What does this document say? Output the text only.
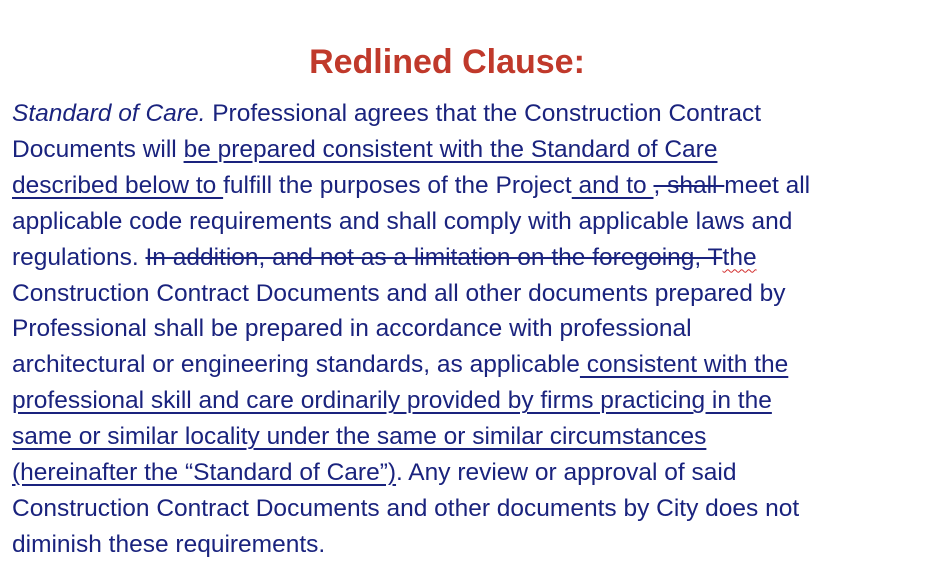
Redlined Clause:
Standard of Care. Professional agrees that the Construction Contract
Documents will be prepared consistent with the Standard of Care
described below to fulfill the purposes of the Project and to , shall meet all
applicable code requirements and shall comply with applicable laws and
regulations. In addition, and not as a limitation on the foregoing, Tthe
Construction Contract Documents and all other documents prepared by
Professional shall be prepared in accordance with professional
architectural or engineering standards, as applicable consistent with the
professional skill and care ordinarily provided by firms practicing in the
same or similar locality under the same or similar circumstances
(hereinafter the “Standard of Care”). Any review or approval of said
Construction Contract Documents and other documents by City does not
diminish these requirements.
